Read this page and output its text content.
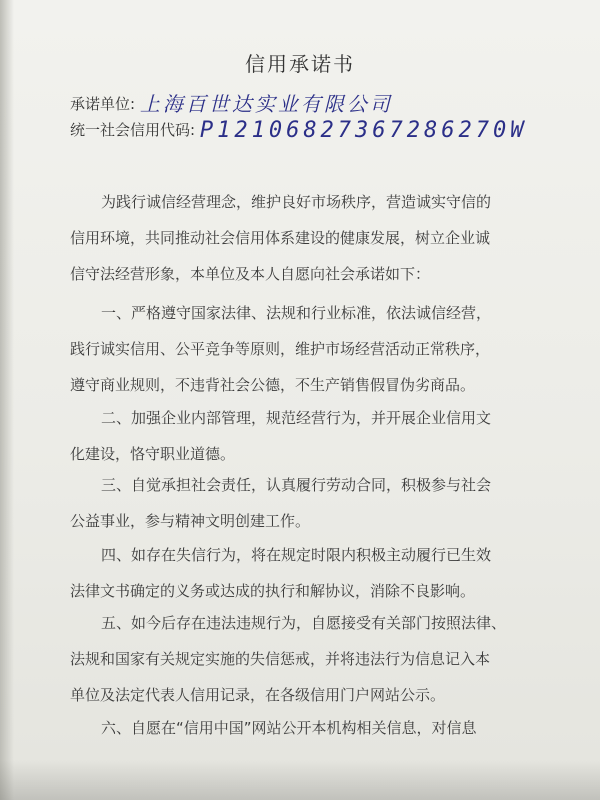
信用承诺书
承诺单位: 上海百世达实业有限公司
统一社会信用代码: P12106827367286270W
为践行诚信经营理念，维护良好市场秩序，营造诚实守信的
信用环境，共同推动社会信用体系建设的健康发展，树立企业诚
信守法经营形象，本单位及本人自愿向社会承诺如下：
一、严格遵守国家法律、法规和行业标准，依法诚信经营，
践行诚实信用、公平竞争等原则，维护市场经营活动正常秩序，
遵守商业规则，不违背社会公德，不生产销售假冒伪劣商品。
二、加强企业内部管理，规范经营行为，并开展企业信用文
化建设，恪守职业道德。
三、自觉承担社会责任，认真履行劳动合同，积极参与社会
公益事业，参与精神文明创建工作。
四、如存在失信行为，将在规定时限内积极主动履行已生效
法律文书确定的义务或达成的执行和解协议，消除不良影响。
五、如今后存在违法违规行为，自愿接受有关部门按照法律、
法规和国家有关规定实施的失信惩戒，并将违法行为信息记入本
单位及法定代表人信用记录，在各级信用门户网站公示。
六、自愿在“信用中国”网站公开本机构相关信息，对信息
